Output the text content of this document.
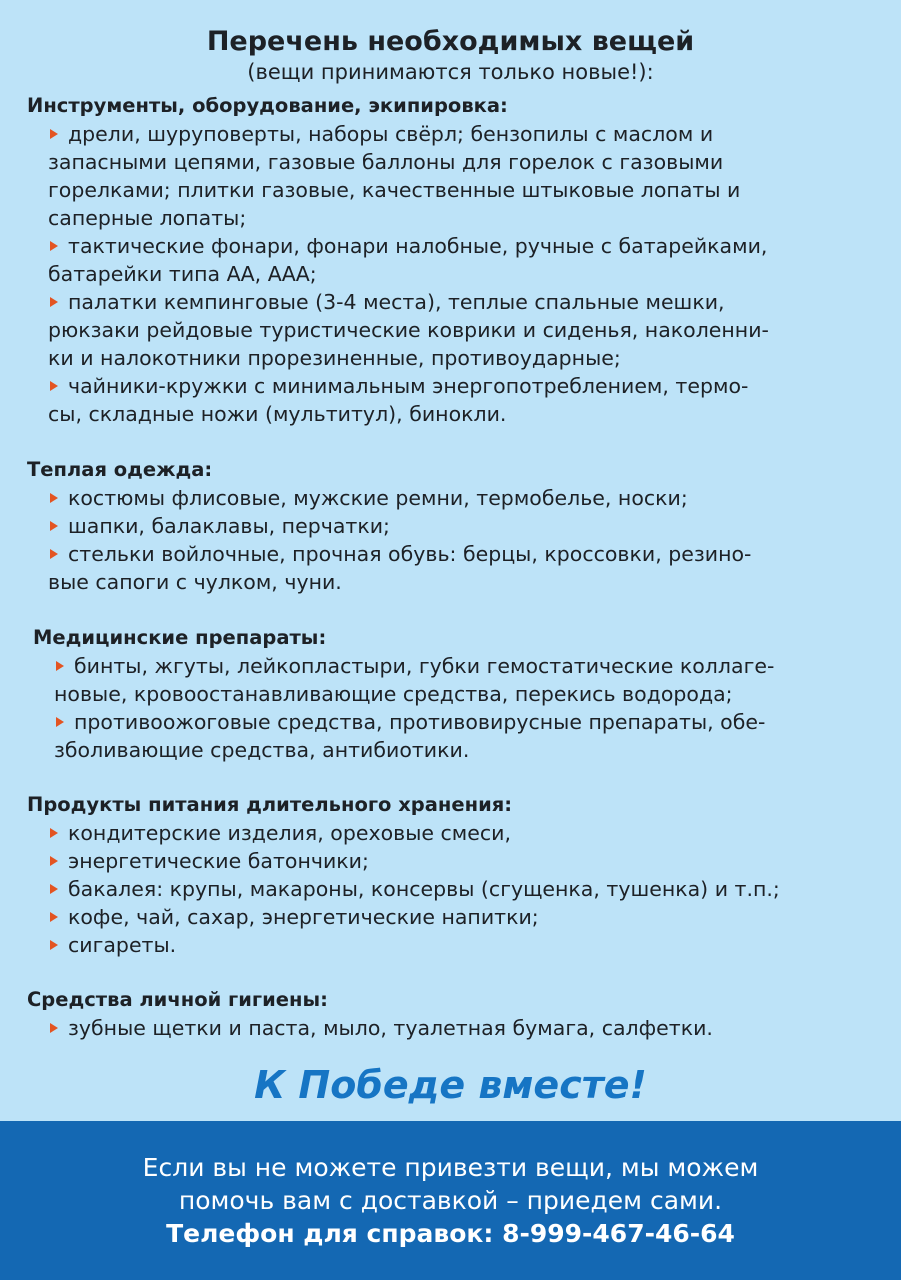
Перечень необходимых вещей
(вещи принимаются только новые!):
Инструменты, оборудование, экипировка:
дрели, шуруповерты, наборы свёрл; бензопилы с маслом и
запасными цепями, газовые баллоны для горелок с газовыми
горелками; плитки газовые, качественные штыковые лопаты и
саперные лопаты;
тактические фонари, фонари налобные, ручные с батарейками,
батарейки типа АА, ААА;
палатки кемпинговые (3-4 места), теплые спальные мешки,
рюкзаки рейдовые туристические коврики и сиденья, наколенни-
ки и налокотники прорезиненные, противоударные;
чайники-кружки с минимальным энергопотреблением, термо-
сы, складные ножи (мультитул), бинокли.
Теплая одежда:
костюмы флисовые, мужские ремни, термобелье, носки;
шапки, балаклавы, перчатки;
стельки войлочные, прочная обувь: берцы, кроссовки, резино-
вые сапоги с чулком, чуни.
Медицинские препараты:
бинты, жгуты, лейкопластыри, губки гемостатические коллаге-
новые, кровоостанавливающие средства, перекись водорода;
противоожоговые средства, противовирусные препараты, обе-
зболивающие средства, антибиотики.
Продукты питания длительного хранения:
кондитерские изделия, ореховые смеси,
энергетические батончики;
бакалея: крупы, макароны, консервы (сгущенка, тушенка) и т.п.;
кофе, чай, сахар, энергетические напитки;
сигареты.
Средства личной гигиены:
зубные щетки и паста, мыло, туалетная бумага, салфетки.
К Победе вместе!
Если вы не можете привезти вещи, мы можем
помочь вам с доставкой – приедем сами.
Телефон для справок: 8-999-467-46-64
